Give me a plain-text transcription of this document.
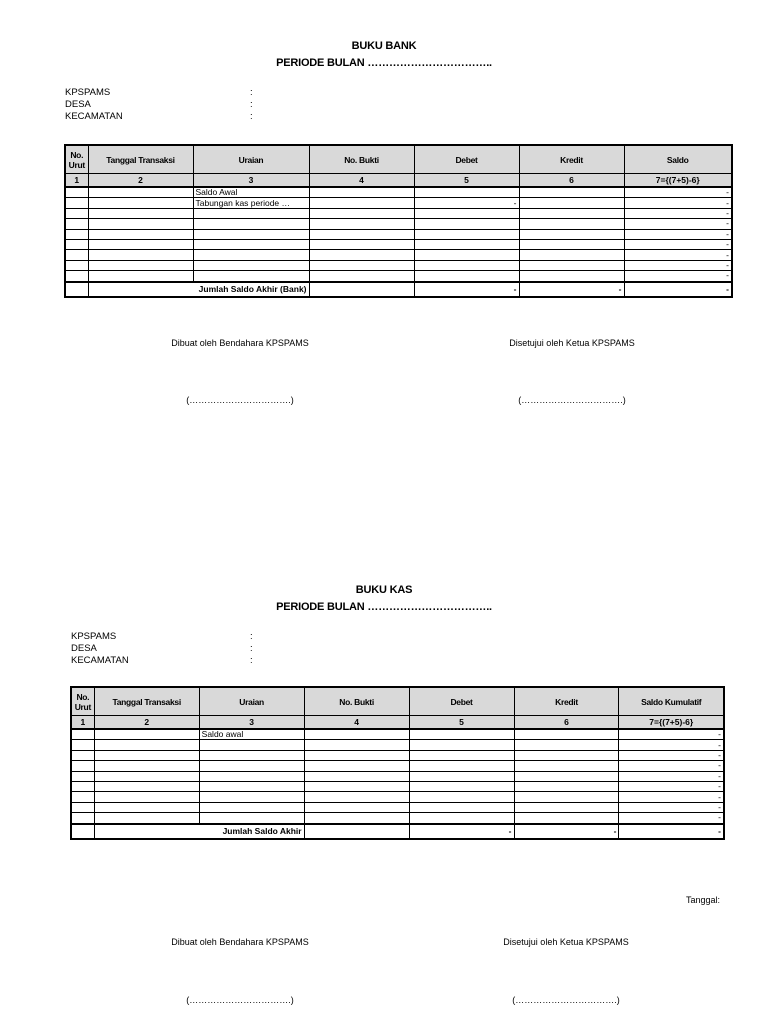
BUKU BANK
PERIODE BULAN ……………………………..
KPSPAMS	:
DESA	:
KECAMATAN	:
No. Urut	Tanggal Transaksi	Uraian	No. Bukti	Debet	Kredit	Saldo
1	2	3	4	5	6	7={(7+5)-6}
		Saldo Awal				-
		Tabungan kas periode …		-		-
						-
						-
						-
						-
						-
						-
						-
	Jumlah Saldo Akhir (Bank)			-	-	-
Dibuat oleh Bendahara KPSPAMS	Disetujui oleh Ketua KPSPAMS
(…………………………….)	(…………………………….)
BUKU KAS
PERIODE BULAN ……………………………..
KPSPAMS	:
DESA	:
KECAMATAN	:
No. Urut	Tanggal Transaksi	Uraian	No. Bukti	Debet	Kredit	Saldo Kumulatif
1	2	3	4	5	6	7={(7+5)-6}
		Saldo awal				-
						-
						-
						-
						-
						-
						-
						-
						-
	Jumlah Saldo Akhir			-	-	-
Tanggal:
Dibuat oleh Bendahara KPSPAMS	Disetujui oleh Ketua KPSPAMS
(…………………………….)	(…………………………….)
